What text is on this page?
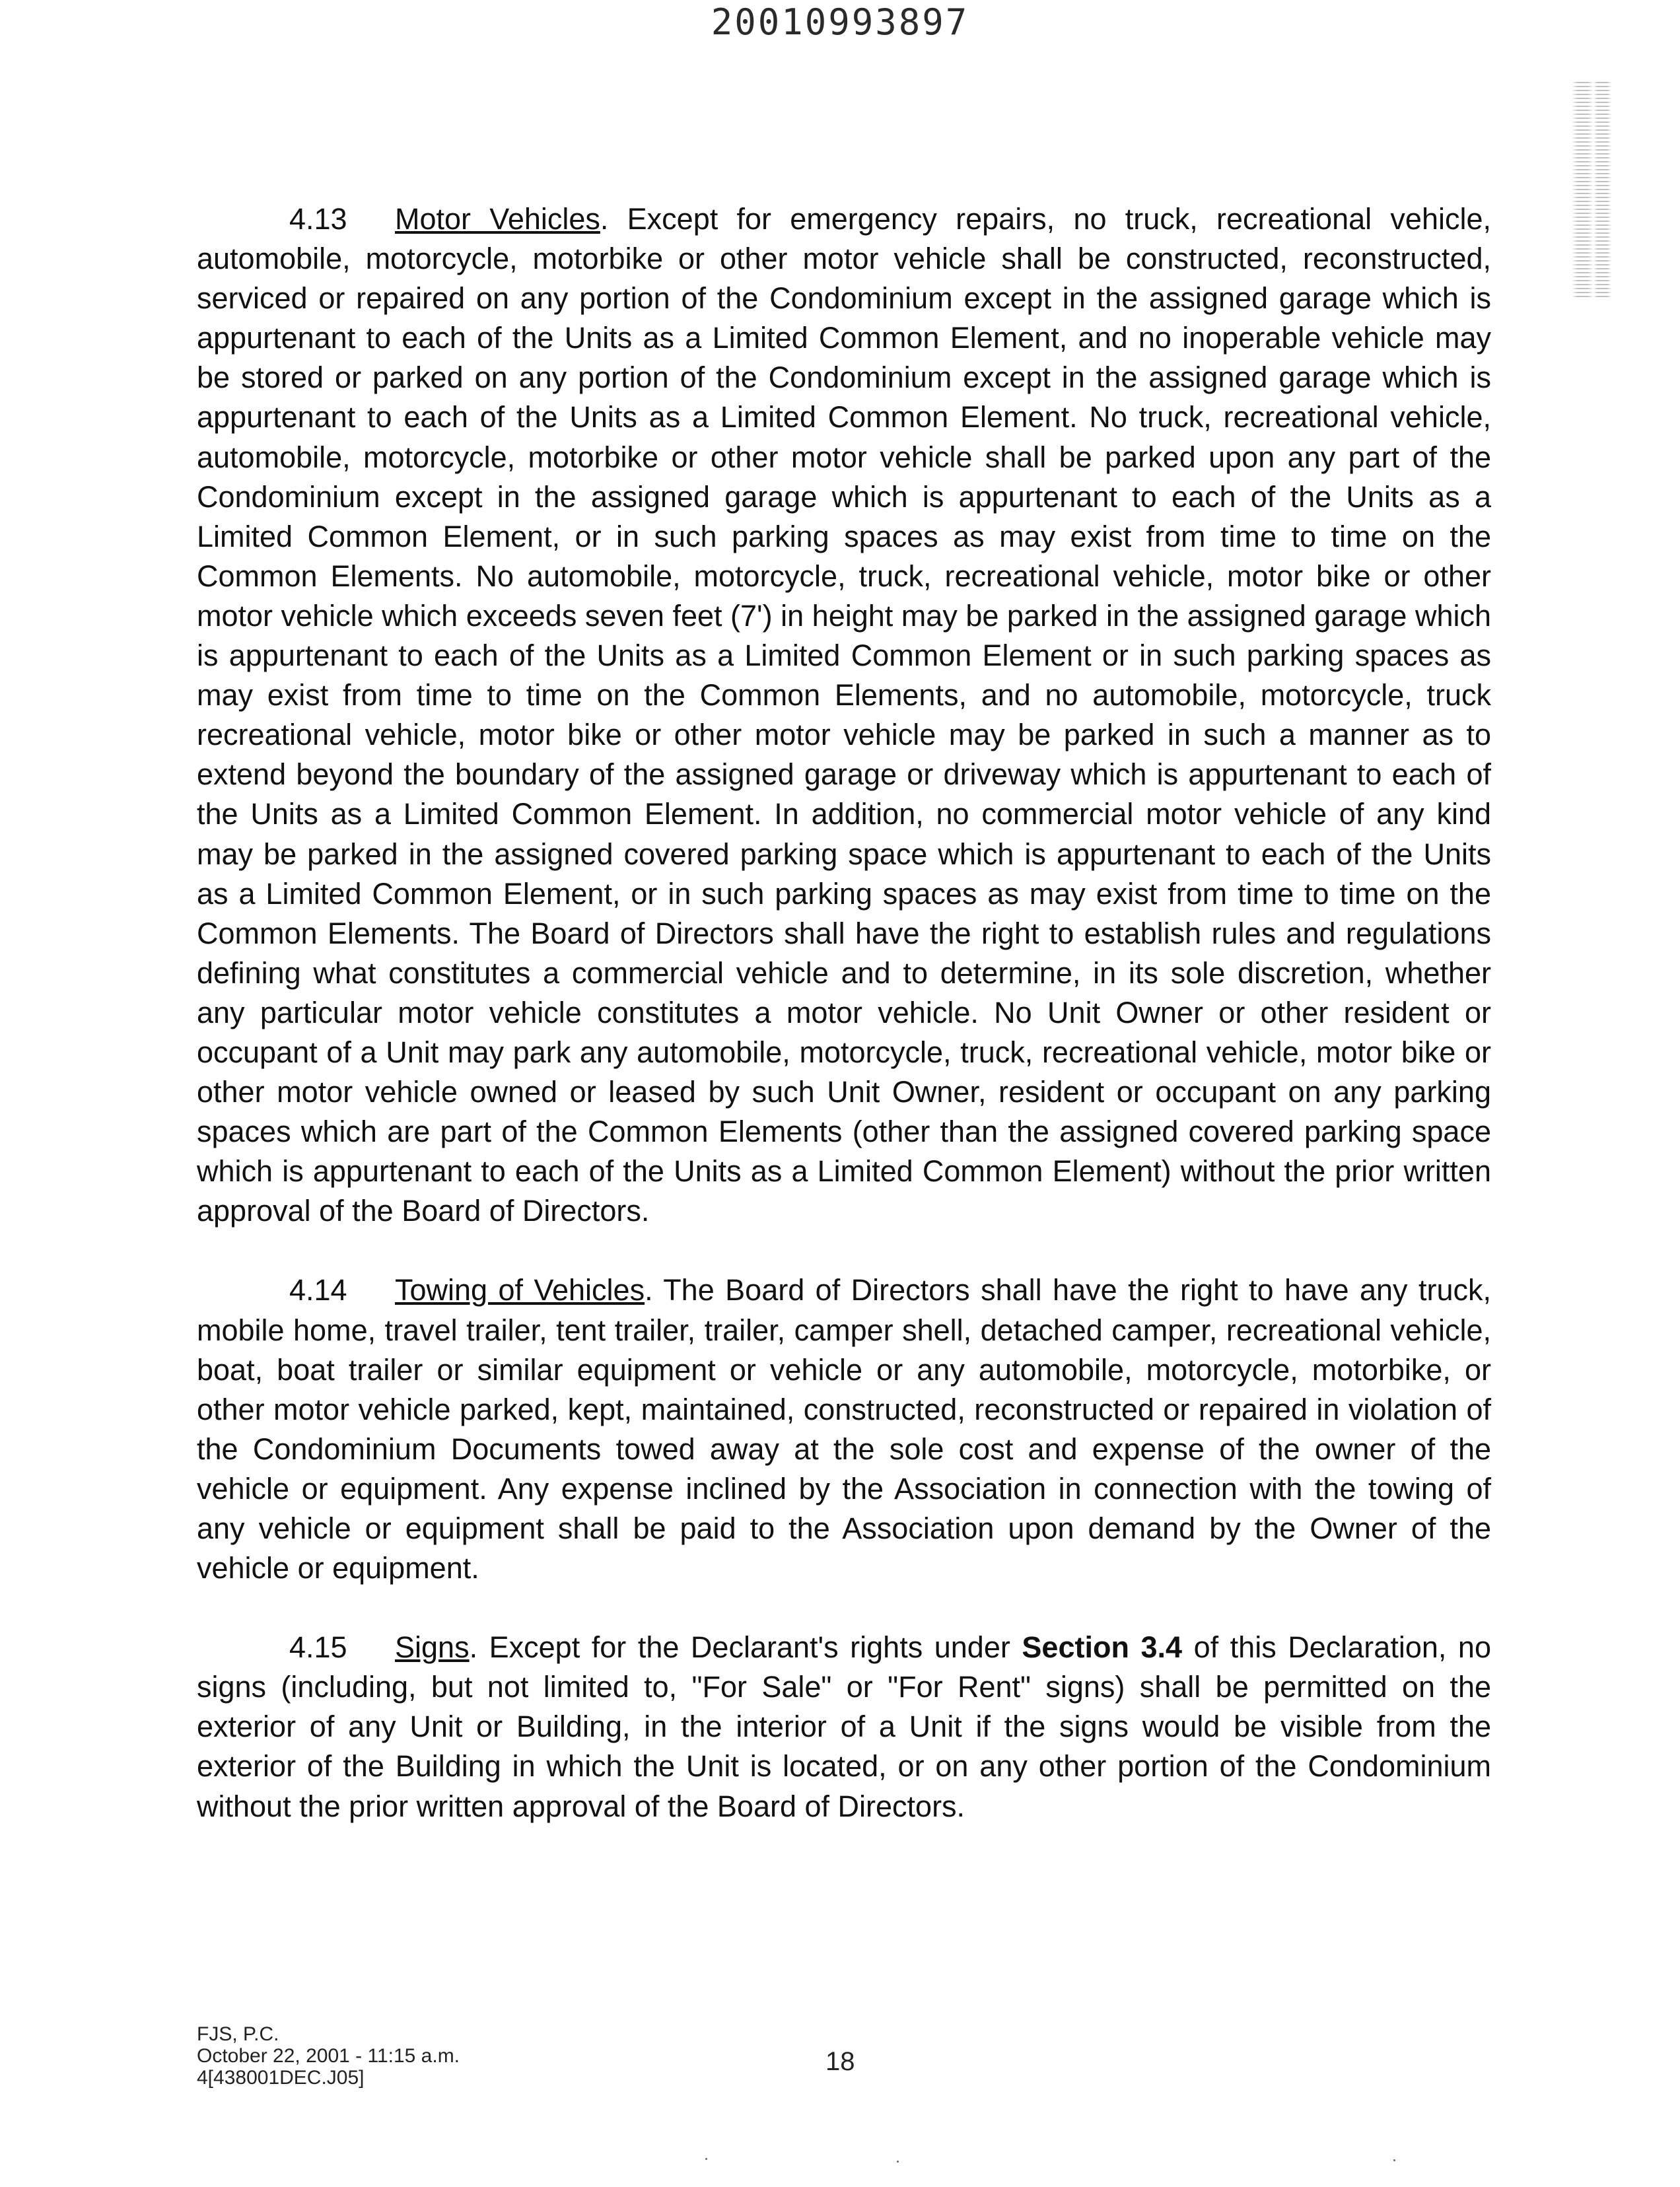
20010993897

4.13 Motor Vehicles. Except for emergency repairs, no truck, recreational vehicle, automobile, motorcycle, motorbike or other motor vehicle shall be constructed, reconstructed, serviced or repaired on any portion of the Condominium except in the assigned garage which is appurtenant to each of the Units as a Limited Common Element, and no inoperable vehicle may be stored or parked on any portion of the Condominium except in the assigned garage which is appurtenant to each of the Units as a Limited Common Element. No truck, recreational vehicle, automobile, motorcycle, motorbike or other motor vehicle shall be parked upon any part of the Condominium except in the assigned garage which is appurtenant to each of the Units as a Limited Common Element, or in such parking spaces as may exist from time to time on the Common Elements. No automobile, motorcycle, truck, recreational vehicle, motor bike or other motor vehicle which exceeds seven feet (7') in height may be parked in the assigned garage which is appurtenant to each of the Units as a Limited Common Element or in such parking spaces as may exist from time to time on the Common Elements, and no automobile, motorcycle, truck recreational vehicle, motor bike or other motor vehicle may be parked in such a manner as to extend beyond the boundary of the assigned garage or driveway which is appurtenant to each of the Units as a Limited Common Element. In addition, no commercial motor vehicle of any kind may be parked in the assigned covered parking space which is appurtenant to each of the Units as a Limited Common Element, or in such parking spaces as may exist from time to time on the Common Elements. The Board of Directors shall have the right to establish rules and regulations defining what constitutes a commercial vehicle and to determine, in its sole discretion, whether any particular motor vehicle constitutes a motor vehicle. No Unit Owner or other resident or occupant of a Unit may park any automobile, motorcycle, truck, recreational vehicle, motor bike or other motor vehicle owned or leased by such Unit Owner, resident or occupant on any parking spaces which are part of the Common Elements (other than the assigned covered parking space which is appurtenant to each of the Units as a Limited Common Element) without the prior written approval of the Board of Directors.

4.14 Towing of Vehicles. The Board of Directors shall have the right to have any truck, mobile home, travel trailer, tent trailer, trailer, camper shell, detached camper, recreational vehicle, boat, boat trailer or similar equipment or vehicle or any automobile, motorcycle, motorbike, or other motor vehicle parked, kept, maintained, constructed, reconstructed or repaired in violation of the Condominium Documents towed away at the sole cost and expense of the owner of the vehicle or equipment. Any expense inclined by the Association in connection with the towing of any vehicle or equipment shall be paid to the Association upon demand by the Owner of the vehicle or equipment.

4.15 Signs. Except for the Declarant's rights under Section 3.4 of this Declaration, no signs (including, but not limited to, "For Sale" or "For Rent" signs) shall be permitted on the exterior of any Unit or Building, in the interior of a Unit if the signs would be visible from the exterior of the Building in which the Unit is located, or on any other portion of the Condominium without the prior written approval of the Board of Directors.

FJS, P.C.
October 22, 2001 - 11:15 a.m.
4[438001DEC.J05]
18
